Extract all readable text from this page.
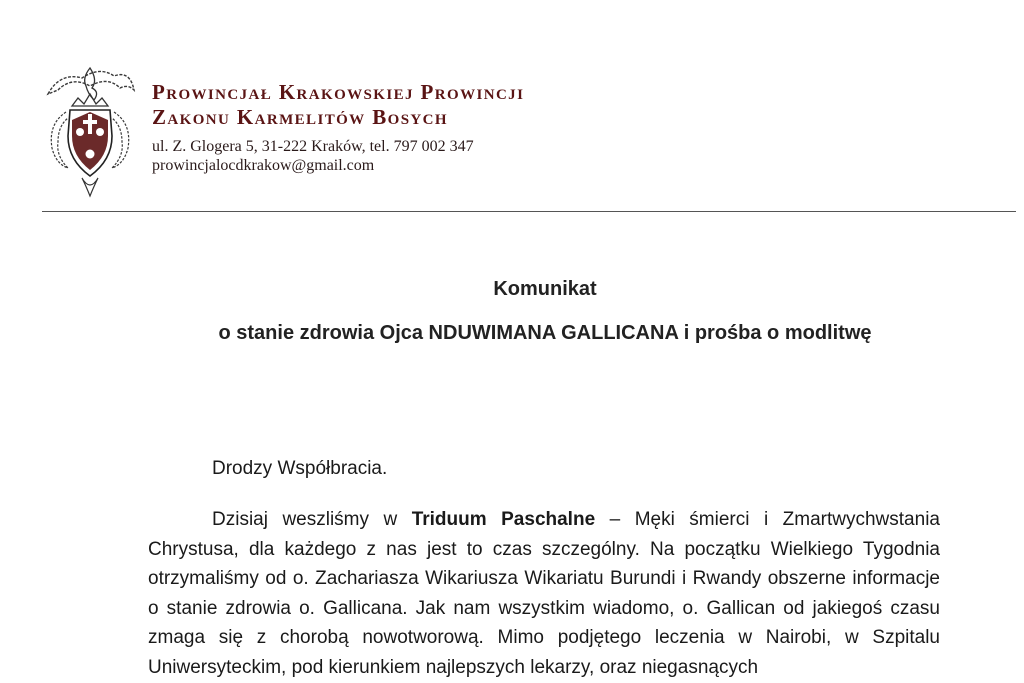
Prowincjał Krakowskiej Prowincji
Zakonu Karmelitów Bosych
ul. Z. Glogera 5, 31-222 Kraków, tel. 797 002 347
prowincjalocdkrakow@gmail.com
Komunikat
o stanie zdrowia Ojca NDUWIMANA GALLICANA i prośba o modlitwę
Drodzy Współbracia.
Dzisiaj weszliśmy w Triduum Paschalne – Męki śmierci i Zmartwychwstania Chrystusa, dla każdego z nas jest to czas szczególny. Na początku Wielkiego Tygodnia otrzymaliśmy od o. Zachariasza Wikariusza Wikariatu Burundi i Rwandy obszerne informacje o stanie zdrowia o. Gallicana. Jak nam wszystkim wiadomo, o. Gallican od jakiegoś czasu zmaga się z chorobą nowotworową. Mimo podjętego leczenia w Nairobi, w Szpitalu Uniwersyteckim, pod kierunkiem najlepszych lekarzy, oraz niegasnących
